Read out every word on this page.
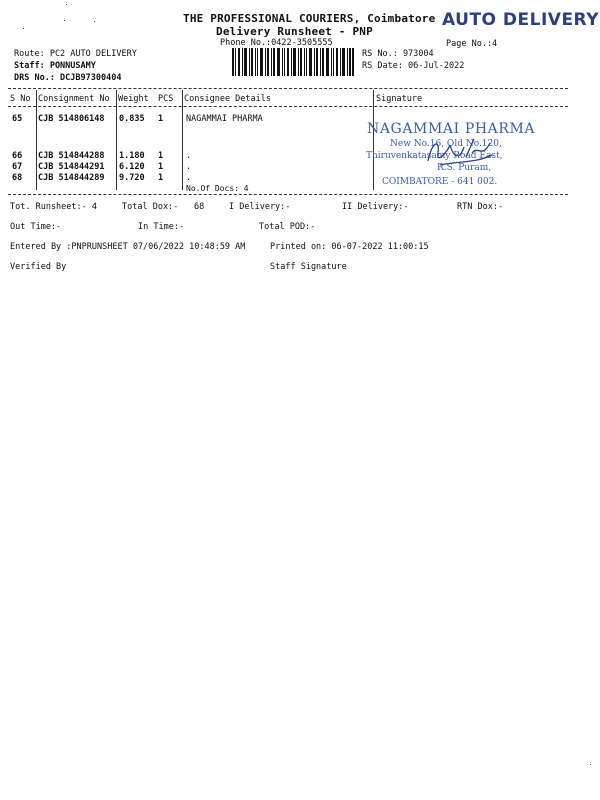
THE PROFESSIONAL COURIERS, Coimbatore AUTO DELIVERY
Delivery Runsheet - PNP
Phone No.:0422-3505555	Page No.:4
Route: PC2 AUTO DELIVERY
Staff: PONNUSAMY
DRS No.: DCJB97300404
RS No.: 973004
RS Date: 06-Jul-2022
S No Consignment No Weight PCS Consignee Details	Signature
65 CJB 514806148 0.835 1	NAGAMMAI PHARMA
66 CJB 514844288 1.180 1	.
67 CJB 514844291 6.120 1	.
68 CJB 514844289 9.720 1	.
No.Of Docs: 4
NAGAMMAI PHARMA
New No.16, Old No.120,
Thiruvenkatasamy Road East,
R.S. Puram,
COIMBATORE - 641 002.
Tot. Runsheet:- 4	Total Dox:- 68	I Delivery:-	II Delivery:-	RTN Dox:-
Out Time:-	In Time:-	Total POD:-
Entered By :PNPRUNSHEET 07/06/2022 10:48:59 AM	Printed on: 06-07-2022 11:00:15
Verified By	Staff Signature
